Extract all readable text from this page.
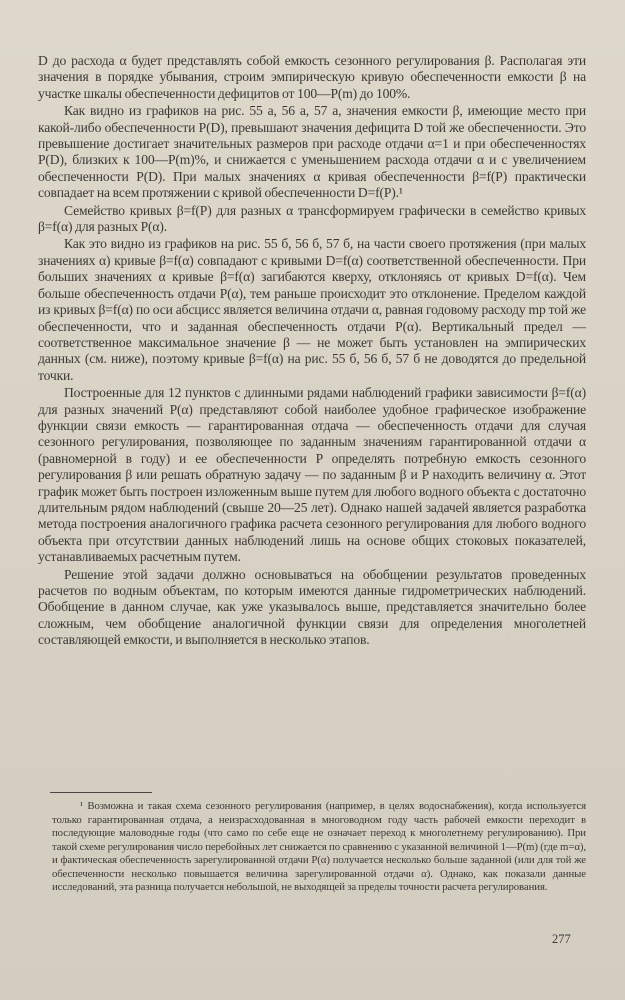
D до расхода α будет представлять собой емкость сезонного регулирования β. Располагая эти значения в порядке убывания, строим эмпирическую кривую обеспеченности емкости β на участке шкалы обеспеченности дефицитов от 100—P(m) до 100%.

Как видно из графиков на рис. 55 а, 56 а, 57 а, значения емкости β, имеющие место при какой-либо обеспеченности P(D), превышают значения дефицита D той же обеспеченности. Это превышение достигает значительных размеров при расходе отдачи α=1 и при обеспеченностях P(D), близких к 100—P(m)%, и снижается с уменьшением расхода отдачи α и с увеличением обеспеченности P(D). При малых значениях α кривая обеспеченности β=f(P) практически совпадает на всем протяжении с кривой обеспеченности D=f(P).¹

Семейство кривых β=f(P) для разных α трансформируем графически в семейство кривых β=f(α) для разных P(α).

Как это видно из графиков на рис. 55 б, 56 б, 57 б, на части своего протяжения (при малых значениях α) кривые β=f(α) совпадают с кривыми D=f(α) соответственной обеспеченности. При больших значениях α кривые β=f(α) загибаются кверху, отклоняясь от кривых D=f(α). Чем больше обеспеченность отдачи P(α), тем раньше происходит это отклонение. Пределом каждой из кривых β=f(α) по оси абсцисс является величина отдачи α, равная годовому расходу mp той же обеспеченности, что и заданная обеспеченность отдачи P(α). Вертикальный предел — соответственное максимальное значение β — не может быть установлен на эмпирических данных (см. ниже), поэтому кривые β=f(α) на рис. 55 б, 56 б, 57 б не доводятся до предельной точки.

Построенные для 12 пунктов с длинными рядами наблюдений графики зависимости β=f(α) для разных значений P(α) представляют собой наиболее удобное графическое изображение функции связи емкость — гарантированная отдача — обеспеченность отдачи для случая сезонного регулирования, позволяющее по заданным значениям гарантированной отдачи α (равномерной в году) и ее обеспеченности P определять потребную емкость сезонного регулирования β или решать обратную задачу — по заданным β и P находить величину α. Этот график может быть построен изложенным выше путем для любого водного объекта с достаточно длительным рядом наблюдений (свыше 20—25 лет). Однако нашей задачей является разработка метода построения аналогичного графика расчета сезонного регулирования для любого водного объекта при отсутствии данных наблюдений лишь на основе общих стоковых показателей, устанавливаемых расчетным путем.

Решение этой задачи должно основываться на обобщении результатов проведенных расчетов по водным объектам, по которым имеются данные гидрометрических наблюдений. Обобщение в данном случае, как уже указывалось выше, представляется значительно более сложным, чем обобщение аналогичной функции связи для определения многолетней составляющей емкости, и выполняется в несколько этапов.

¹ Возможна и такая схема сезонного регулирования (например, в целях водоснабжения), когда используется только гарантированная отдача, а неизрасходованная в многоводном году часть рабочей емкости переходит в последующие маловодные годы (что само по себе еще не означает переход к многолетнему регулированию). При такой схеме регулирования число перебойных лет снижается по сравнению с указанной величиной 1—P(m) (где m=α), и фактическая обеспеченность зарегулированной отдачи P(α) получается несколько больше заданной (или для той же обеспеченности несколько повышается величина зарегулированной отдачи α). Однако, как показали данные исследований, эта разница получается небольшой, не выходящей за пределы точности расчета регулирования.

277
